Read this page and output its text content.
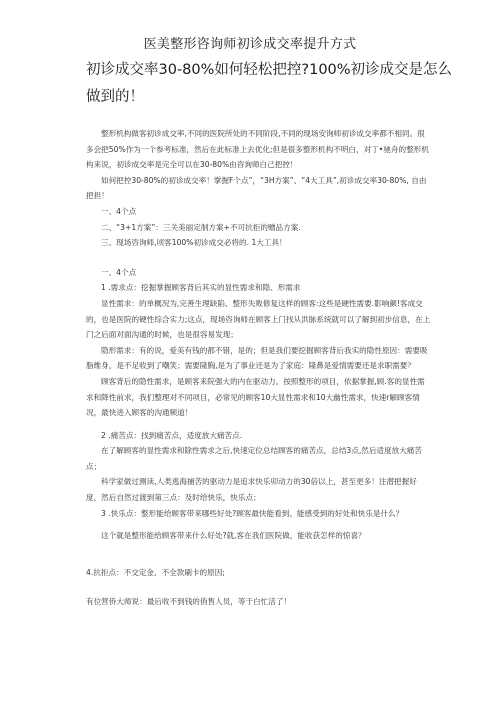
医美整形咨询师初诊成交率提升方式
初诊成交率30-80%如何轻松把控?100%初诊成交是怎么
做到的！

整形机构做客初诊成交率,不同的医院所处的不同阶段,不同的现场安询师初诊成交率都不相同。很多会把50%作为一个参考标准，然后在此标准上去优化;但是很多整形机构不明白，对丁•驰舟的整形机构来说，初诊成交率是完全可以在30-80%由咨询师白己把控！

如何把控30-80%的初诊成交率！掌握F个点”，“3H方案”、“4大工具”,初诊成交率30-80%, 自由把担！

一、4个点

二、“3+1方案”：三关美丽定制方案+不可抗拒的赠品方案.

三、现场咨询师,顷客100%初诊成交必将的. 1大工具！

一、4个点

1 .需求点：挖掘掌握顾客背后其实的显性需求和隐、形需求

显性需求：的单概况为,完善生理缺陷、整形失败修复这样的顾客:这些是硬性需要.影响颜!客成交的，也是医院的硬性综合实力;这点，现场咨询师在顾客上门找从洪脉系统就可以了解到初步信息，在上门之后面对面沟通的时候，也是很容易发现；

隐形需求：有的说，爱美有钱的都不错，是的；但是我们要挖掘顾客背后我实的隐性原因：需要吸脂维身，是不足收到了嘲笑；需要隆胸,是为了事业还是为了家庭：隆鼻是爱情需要还是求职需要？

顾客背后的隐性需求，是顾客来院强大的内在驱动力。按照整形的项目，依据掌握,顾.客的显性需求和降性前求，我们整理对不同项目，必常见的顾客10大显性需求和10大幽性需求，快速r解顾客情况，最快进入顾客的沟通频道！

2 .痛苦点：找到痛苦点，适度放大痛苦点.

在了解顾客的显性需求和除性需求之后,快速定位总结顾客的痛苦点，总结3点,然后适度放大痛苦点；

科学家做过测读,人类逃海捕苦的驱动力是追求快乐卯动力的30倍以上，甚至更多！注潜把握好度，然后自然过渡到第三点：及时给快乐，快乐点；

3 .快乐点：整形能给顾客带来哪些好处?顾客最快能看到、能感受到的好处和快乐是什么？

这个就是整形能给顾客带来什么好处?就,客在我们医院做，能收获怎样的惊喜？

4.抗拒点：不交定金、不全款刷卡的原因;

有位营侨大师说：最后收不到钱的俏售人员，等于白忙活了！
